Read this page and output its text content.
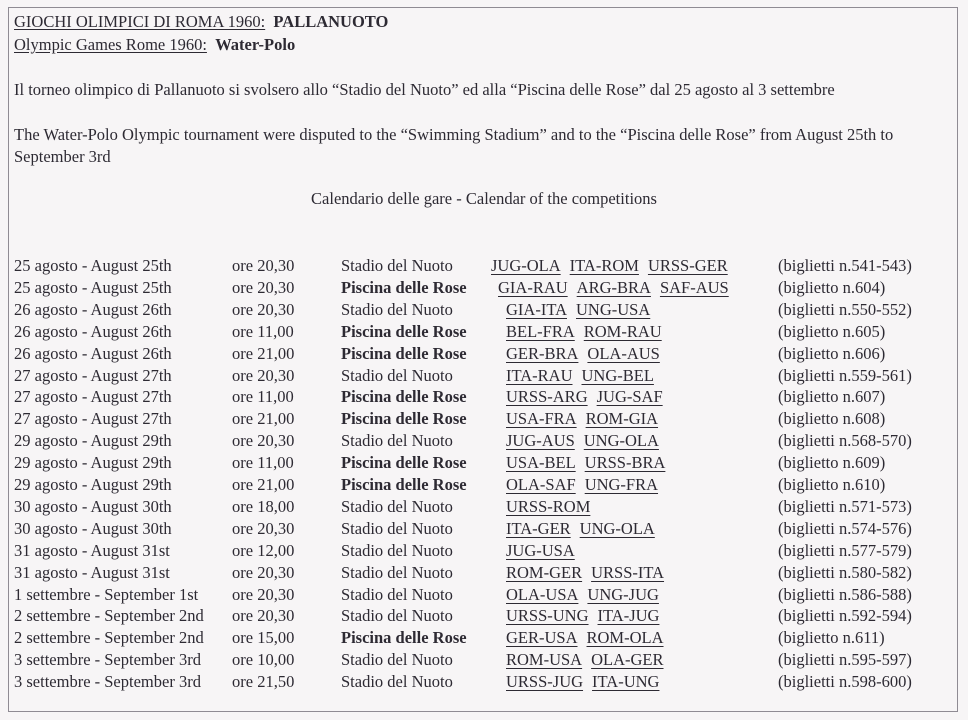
GIOCHI OLIMPICI DI ROMA 1960: PALLANUOTO
Olympic Games Rome 1960: Water-Polo
Il torneo olimpico di Pallanuoto si svolsero allo “Stadio del Nuoto” ed alla “Piscina delle Rose” dal 25 agosto al 3 settembre
The Water-Polo Olympic tournament were disputed to the “Swimming Stadium” and to the “Piscina delle Rose” from August 25th to September 3rd
Calendario delle gare - Calendar of the competitions
25 agosto - August 25th	ore 20,30	Stadio del Nuoto JUG-OLA ITA-ROM URSS-GER	(biglietti n.541-543)
25 agosto - August 25th	ore 20,30	Piscina delle Rose GIA-RAU ARG-BRA SAF-AUS	(biglietto n.604)
26 agosto - August 26th	ore 20,30	Stadio del Nuoto	GIA-ITA UNG-USA	(biglietti n.550-552)
26 agosto - August 26th	ore 11,00	Piscina delle Rose BEL-FRA ROM-RAU	(biglietto n.605)
26 agosto - August 26th	ore 21,00	Piscina delle Rose GER-BRA OLA-AUS	(biglietto n.606)
27 agosto - August 27th	ore 20,30	Stadio del Nuoto	ITA-RAU UNG-BEL	(biglietti n.559-561)
27 agosto - August 27th	ore 11,00	Piscina delle Rose URSS-ARG JUG-SAF	(biglietto n.607)
27 agosto - August 27th	ore 21,00	Piscina delle Rose USA-FRA ROM-GIA	(biglietto n.608)
29 agosto - August 29th	ore 20,30	Stadio del Nuoto	JUG-AUS UNG-OLA	(biglietti n.568-570)
29 agosto - August 29th	ore 11,00	Piscina delle Rose USA-BEL URSS-BRA	(biglietto n.609)
29 agosto - August 29th	ore 21,00	Piscina delle Rose OLA-SAF UNG-FRA	(biglietto n.610)
30 agosto - August 30th	ore 18,00	Stadio del Nuoto	URSS-ROM	(biglietti n.571-573)
30 agosto - August 30th	ore 20,30	Stadio del Nuoto	ITA-GER UNG-OLA	(biglietti n.574-576)
31 agosto - August 31st	ore 12,00	Stadio del Nuoto	JUG-USA	(biglietti n.577-579)
31 agosto - August 31st	ore 20,30	Stadio del Nuoto	ROM-GER URSS-ITA	(biglietti n.580-582)
1 settembre - September 1st ore 20,30	Stadio del Nuoto	OLA-USA UNG-JUG	(biglietti n.586-588)
2 settembre - September 2nd ore 20,30	Stadio del Nuoto	URSS-UNG ITA-JUG	(biglietti n.592-594)
2 settembre - September 2nd ore 15,00	Piscina delle Rose GER-USA ROM-OLA	(biglietto n.611)
3 settembre - September 3rd ore 10,00	Stadio del Nuoto	ROM-USA OLA-GER	(biglietti n.595-597)
3 settembre - September 3rd ore 21,50	Stadio del Nuoto	URSS-JUG ITA-UNG	(biglietti n.598-600)
